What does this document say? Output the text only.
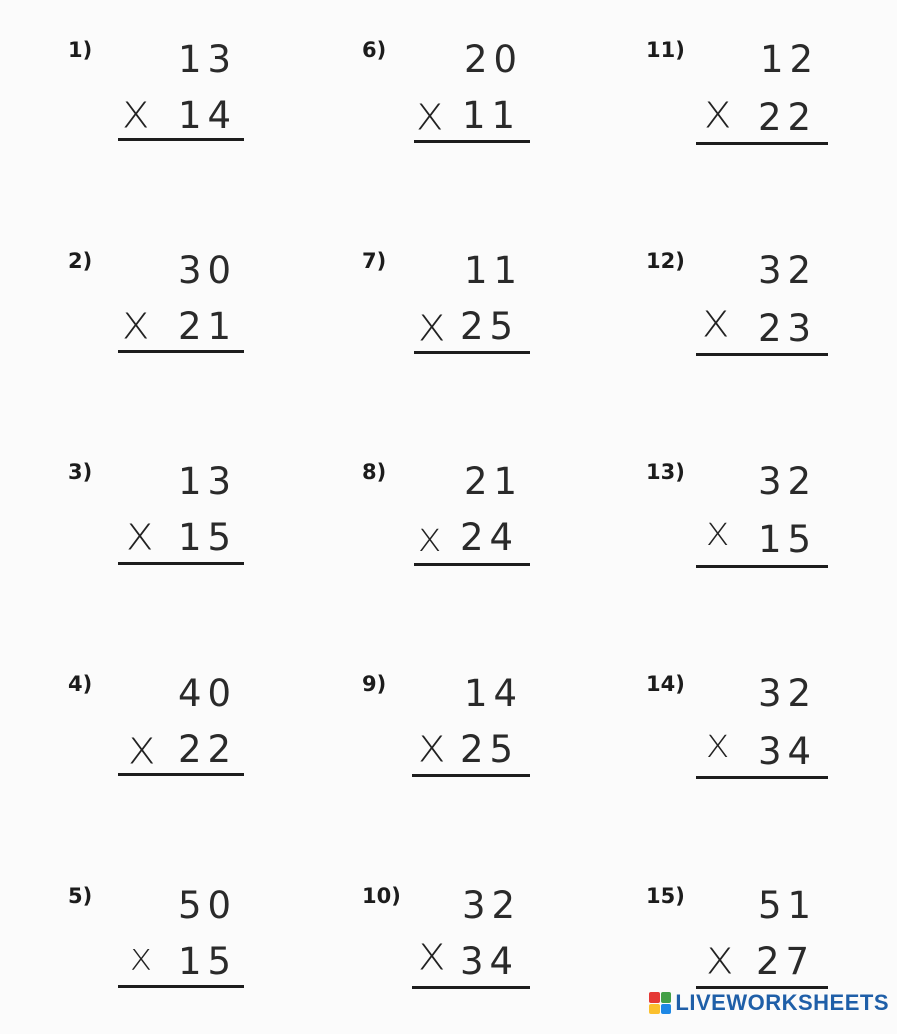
1) 13
X 14
2) 30
X 21
3) 13
X 15
4) 40
X 22
5) 50
X 15
6) 20
X 11
7) 11
X 25
8) 21
X 24
9) 14
X 25
10) 32
X 34
11) 12
X 22
12) 32
X 23
13) 32
X 15
14) 32
X 34
15) 51
X 27
LIVEWORKSHEETS
